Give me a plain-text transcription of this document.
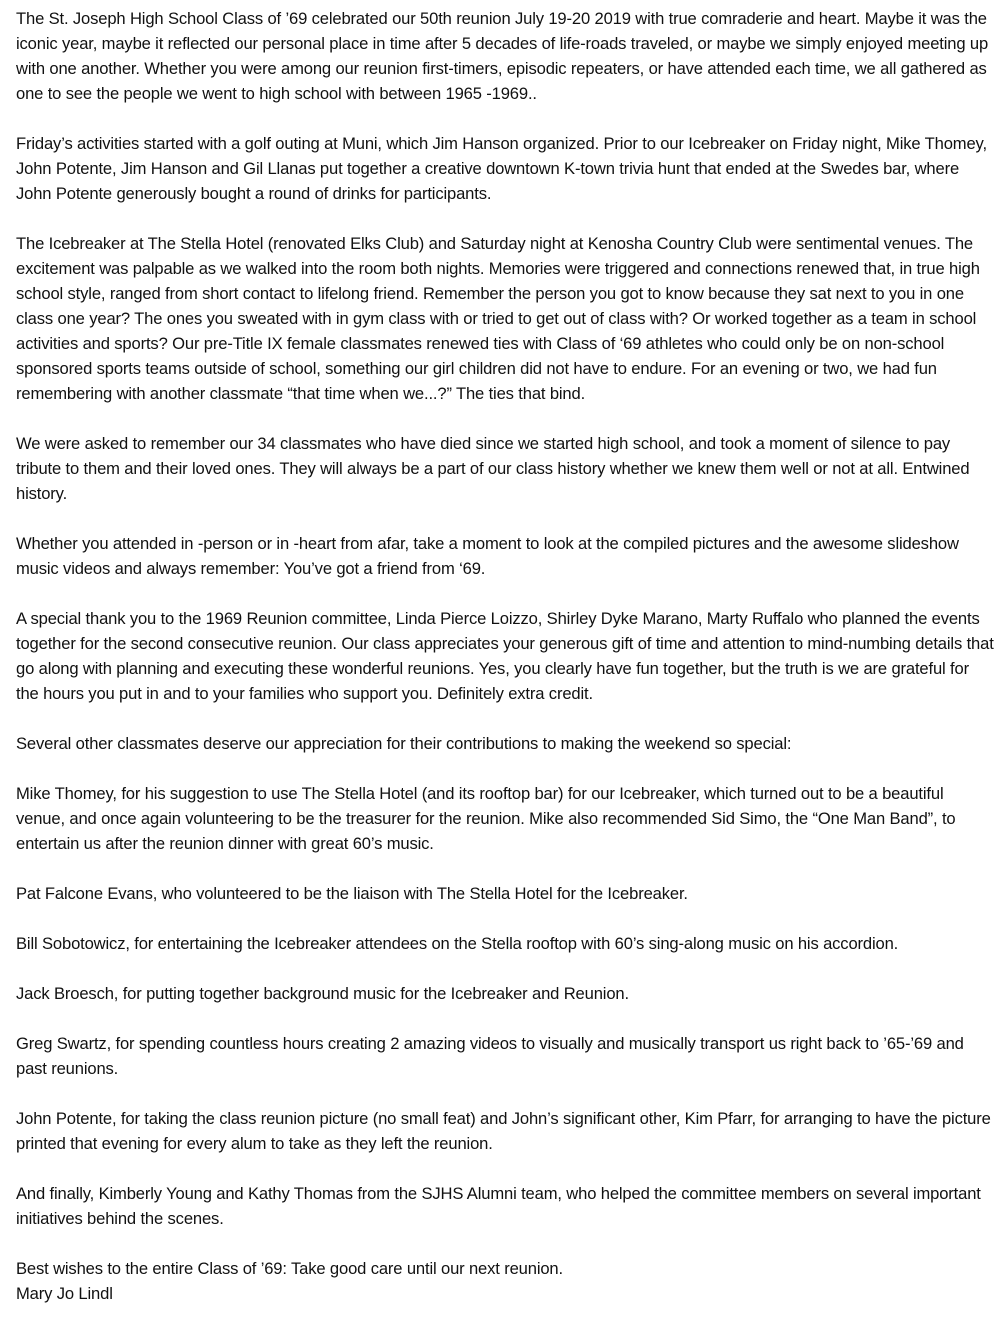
The St. Joseph High School Class of ’69 celebrated our 50th reunion July 19-20 2019 with true comraderie and heart. Maybe it was the iconic year, maybe it reflected our personal place in time after 5 decades of life-roads traveled, or maybe we simply enjoyed meeting up with one another. Whether you were among our reunion first-timers, episodic repeaters, or have attended each time, we all gathered as one to see the people we went to high school with between 1965 -1969..

Friday’s activities started with a golf outing at Muni, which Jim Hanson organized. Prior to our Icebreaker on Friday night, Mike Thomey, John Potente, Jim Hanson and Gil Llanas put together a creative downtown K-town trivia hunt that ended at the Swedes bar, where John Potente generously bought a round of drinks for participants.

The Icebreaker at The Stella Hotel (renovated Elks Club) and Saturday night at Kenosha Country Club were sentimental venues. The excitement was palpable as we walked into the room both nights. Memories were triggered and connections renewed that, in true high school style, ranged from short contact to lifelong friend. Remember the person you got to know because they sat next to you in one class one year? The ones you sweated with in gym class with or tried to get out of class with? Or worked together as a team in school activities and sports? Our pre-Title IX female classmates renewed ties with Class of ‘69 athletes who could only be on non-school sponsored sports teams outside of school, something our girl children did not have to endure. For an evening or two, we had fun remembering with another classmate “that time when we...?” The ties that bind.

We were asked to remember our 34 classmates who have died since we started high school, and took a moment of silence to pay tribute to them and their loved ones. They will always be a part of our class history whether we knew them well or not at all. Entwined history.

Whether you attended in -person or in -heart from afar, take a moment to look at the compiled pictures and the awesome slideshow music videos and always remember: You’ve got a friend from ‘69.

A special thank you to the 1969 Reunion committee, Linda Pierce Loizzo, Shirley Dyke Marano, Marty Ruffalo who planned the events together for the second consecutive reunion. Our class appreciates your generous gift of time and attention to mind-numbing details that go along with planning and executing these wonderful reunions. Yes, you clearly have fun together, but the truth is we are grateful for the hours you put in and to your families who support you. Definitely extra credit.

Several other classmates deserve our appreciation for their contributions to making the weekend so special:

Mike Thomey, for his suggestion to use The Stella Hotel (and its rooftop bar) for our Icebreaker, which turned out to be a beautiful venue, and once again volunteering to be the treasurer for the reunion. Mike also recommended Sid Simo, the “One Man Band”, to entertain us after the reunion dinner with great 60’s music.

Pat Falcone Evans, who volunteered to be the liaison with The Stella Hotel for the Icebreaker.

Bill Sobotowicz, for entertaining the Icebreaker attendees on the Stella rooftop with 60’s sing-along music on his accordion.

Jack Broesch, for putting together background music for the Icebreaker and Reunion.

Greg Swartz, for spending countless hours creating 2 amazing videos to visually and musically transport us right back to ’65-’69 and past reunions.

John Potente, for taking the class reunion picture (no small feat) and John’s significant other, Kim Pfarr, for arranging to have the picture printed that evening for every alum to take as they left the reunion.

And finally, Kimberly Young and Kathy Thomas from the SJHS Alumni team, who helped the committee members on several important initiatives behind the scenes.

Best wishes to the entire Class of ’69: Take good care until our next reunion.
Mary Jo Lindl
